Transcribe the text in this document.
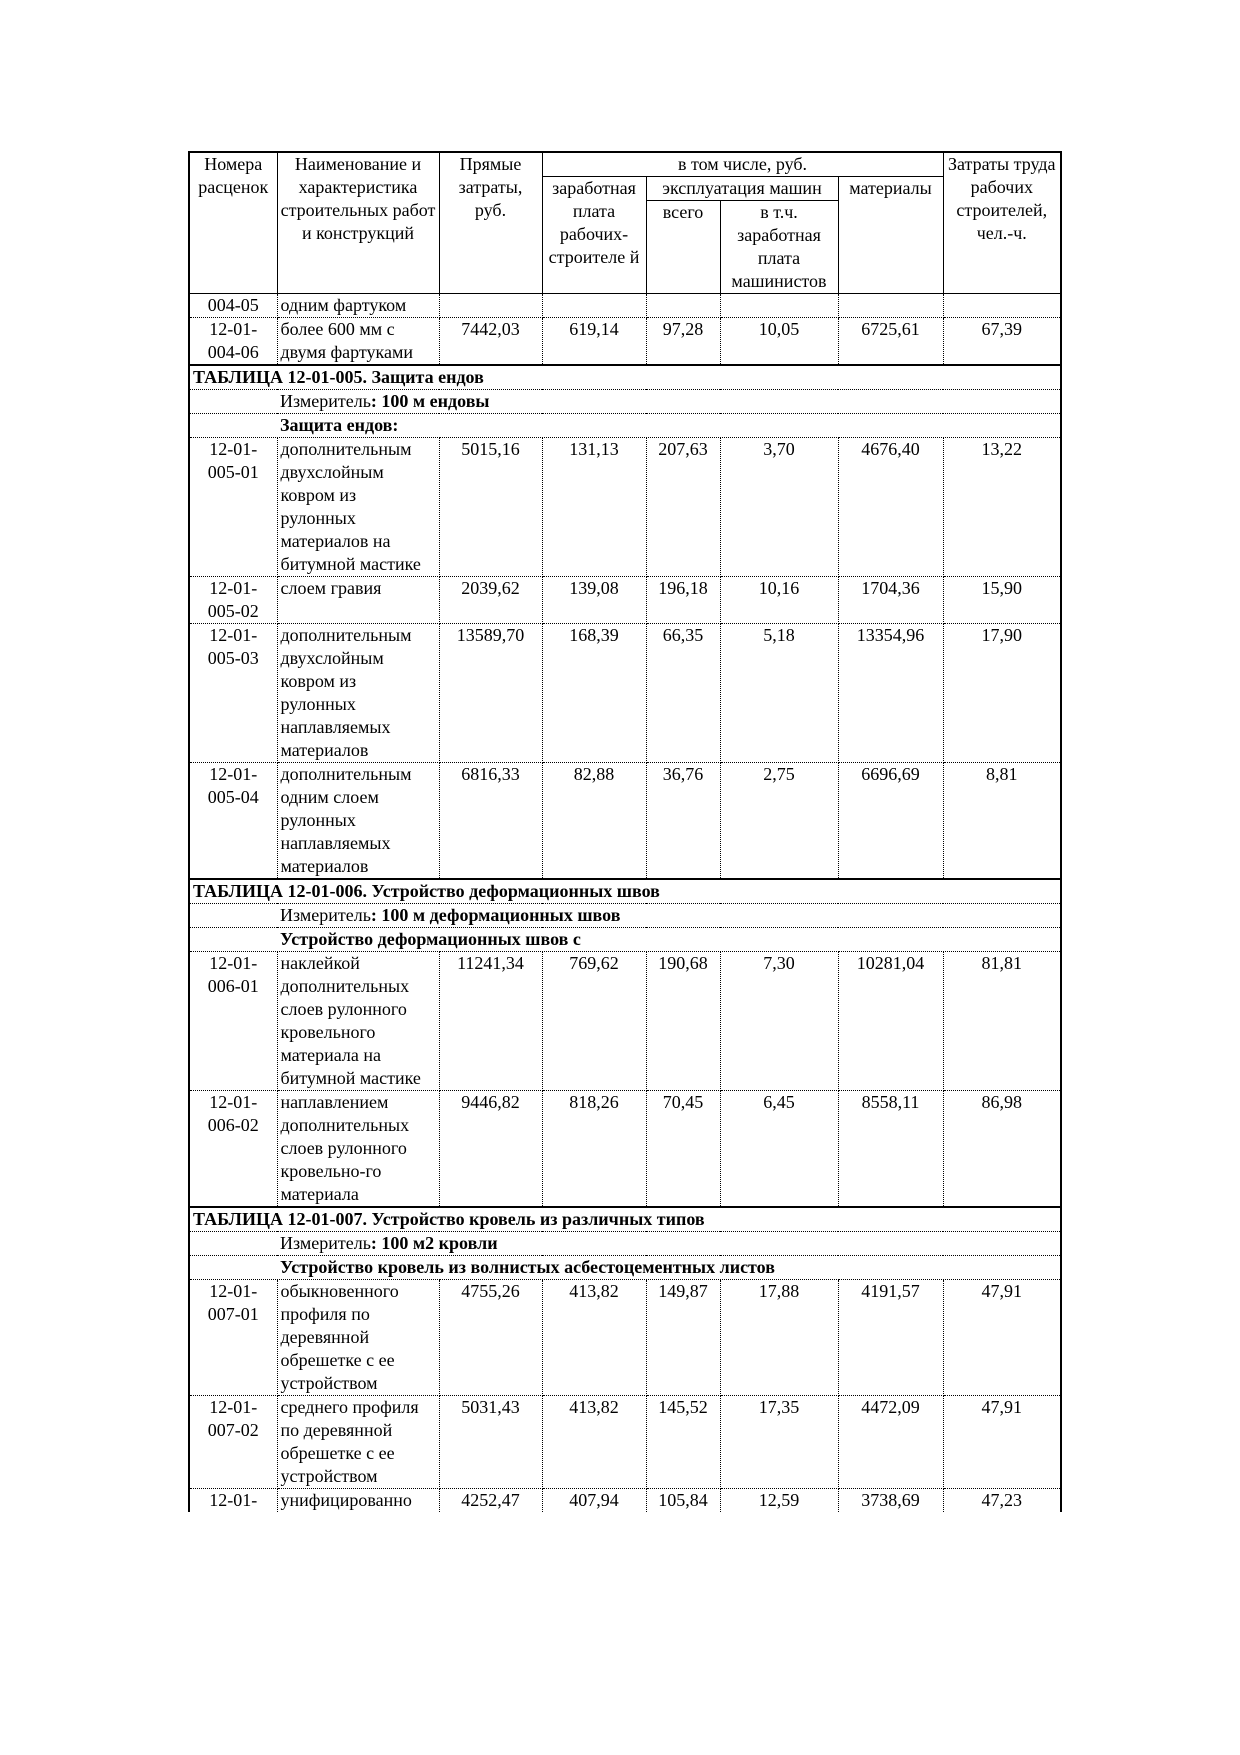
Номера расценок	Наименование и характеристика строительных работ и конструкций	Прямые затраты, руб.	в том числе, руб.				Затраты труда рабочих строителей, чел.-ч.
			заработная плата рабочих-строителе й	эксплуатация машин		материалы	
				всего	в т.ч. заработная плата машинистов		
004-05	одним фартуком						
12-01-004-06	более 600 мм с двумя фартуками	7442,03	619,14	97,28	10,05	6725,61	67,39
ТАБЛИЦА 12-01-005. Защита ендов							

Измеритель: 100 м ендовы							

Защита ендов:							

12-01-005-01	дополнительным двухслойным ковром из рулонных материалов на битумной мастике	5015,16	131,13	207,63	3,70	4676,40	13,22
12-01-005-02	слоем гравия	2039,62	139,08	196,18	10,16	1704,36	15,90
12-01-005-03	дополнительным двухслойным ковром из рулонных наплавляемых материалов	13589,70	168,39	66,35	5,18	13354,96	17,90
12-01-005-04	дополнительным одним слоем рулонных наплавляемых материалов	6816,33	82,88	36,76	2,75	6696,69	8,81
ТАБЛИЦА 12-01-006. Устройство деформационных швов							

Измеритель: 100 м деформационных швов							

Устройство деформационных швов с							

12-01-006-01	наклейкой дополнительных слоев рулонного кровельного материала на битумной мастике	11241,34	769,62	190,68	7,30	10281,04	81,81
12-01-006-02	наплавлением дополнительных слоев рулонного кровельно-го материала	9446,82	818,26	70,45	6,45	8558,11	86,98
ТАБЛИЦА 12-01-007. Устройство кровель из различных типов							

Измеритель: 100 м2 кровли							

Устройство кровель из волнистых асбестоцементных листов							

12-01-007-01	обыкновенного профиля по деревянной обрешетке с ее устройством	4755,26	413,82	149,87	17,88	4191,57	47,91
12-01-007-02	среднего профиля по деревянной обрешетке с ее устройством	5031,43	413,82	145,52	17,35	4472,09	47,91
12-01-	унифицированно	4252,47	407,94	105,84	12,59	3738,69	47,23
